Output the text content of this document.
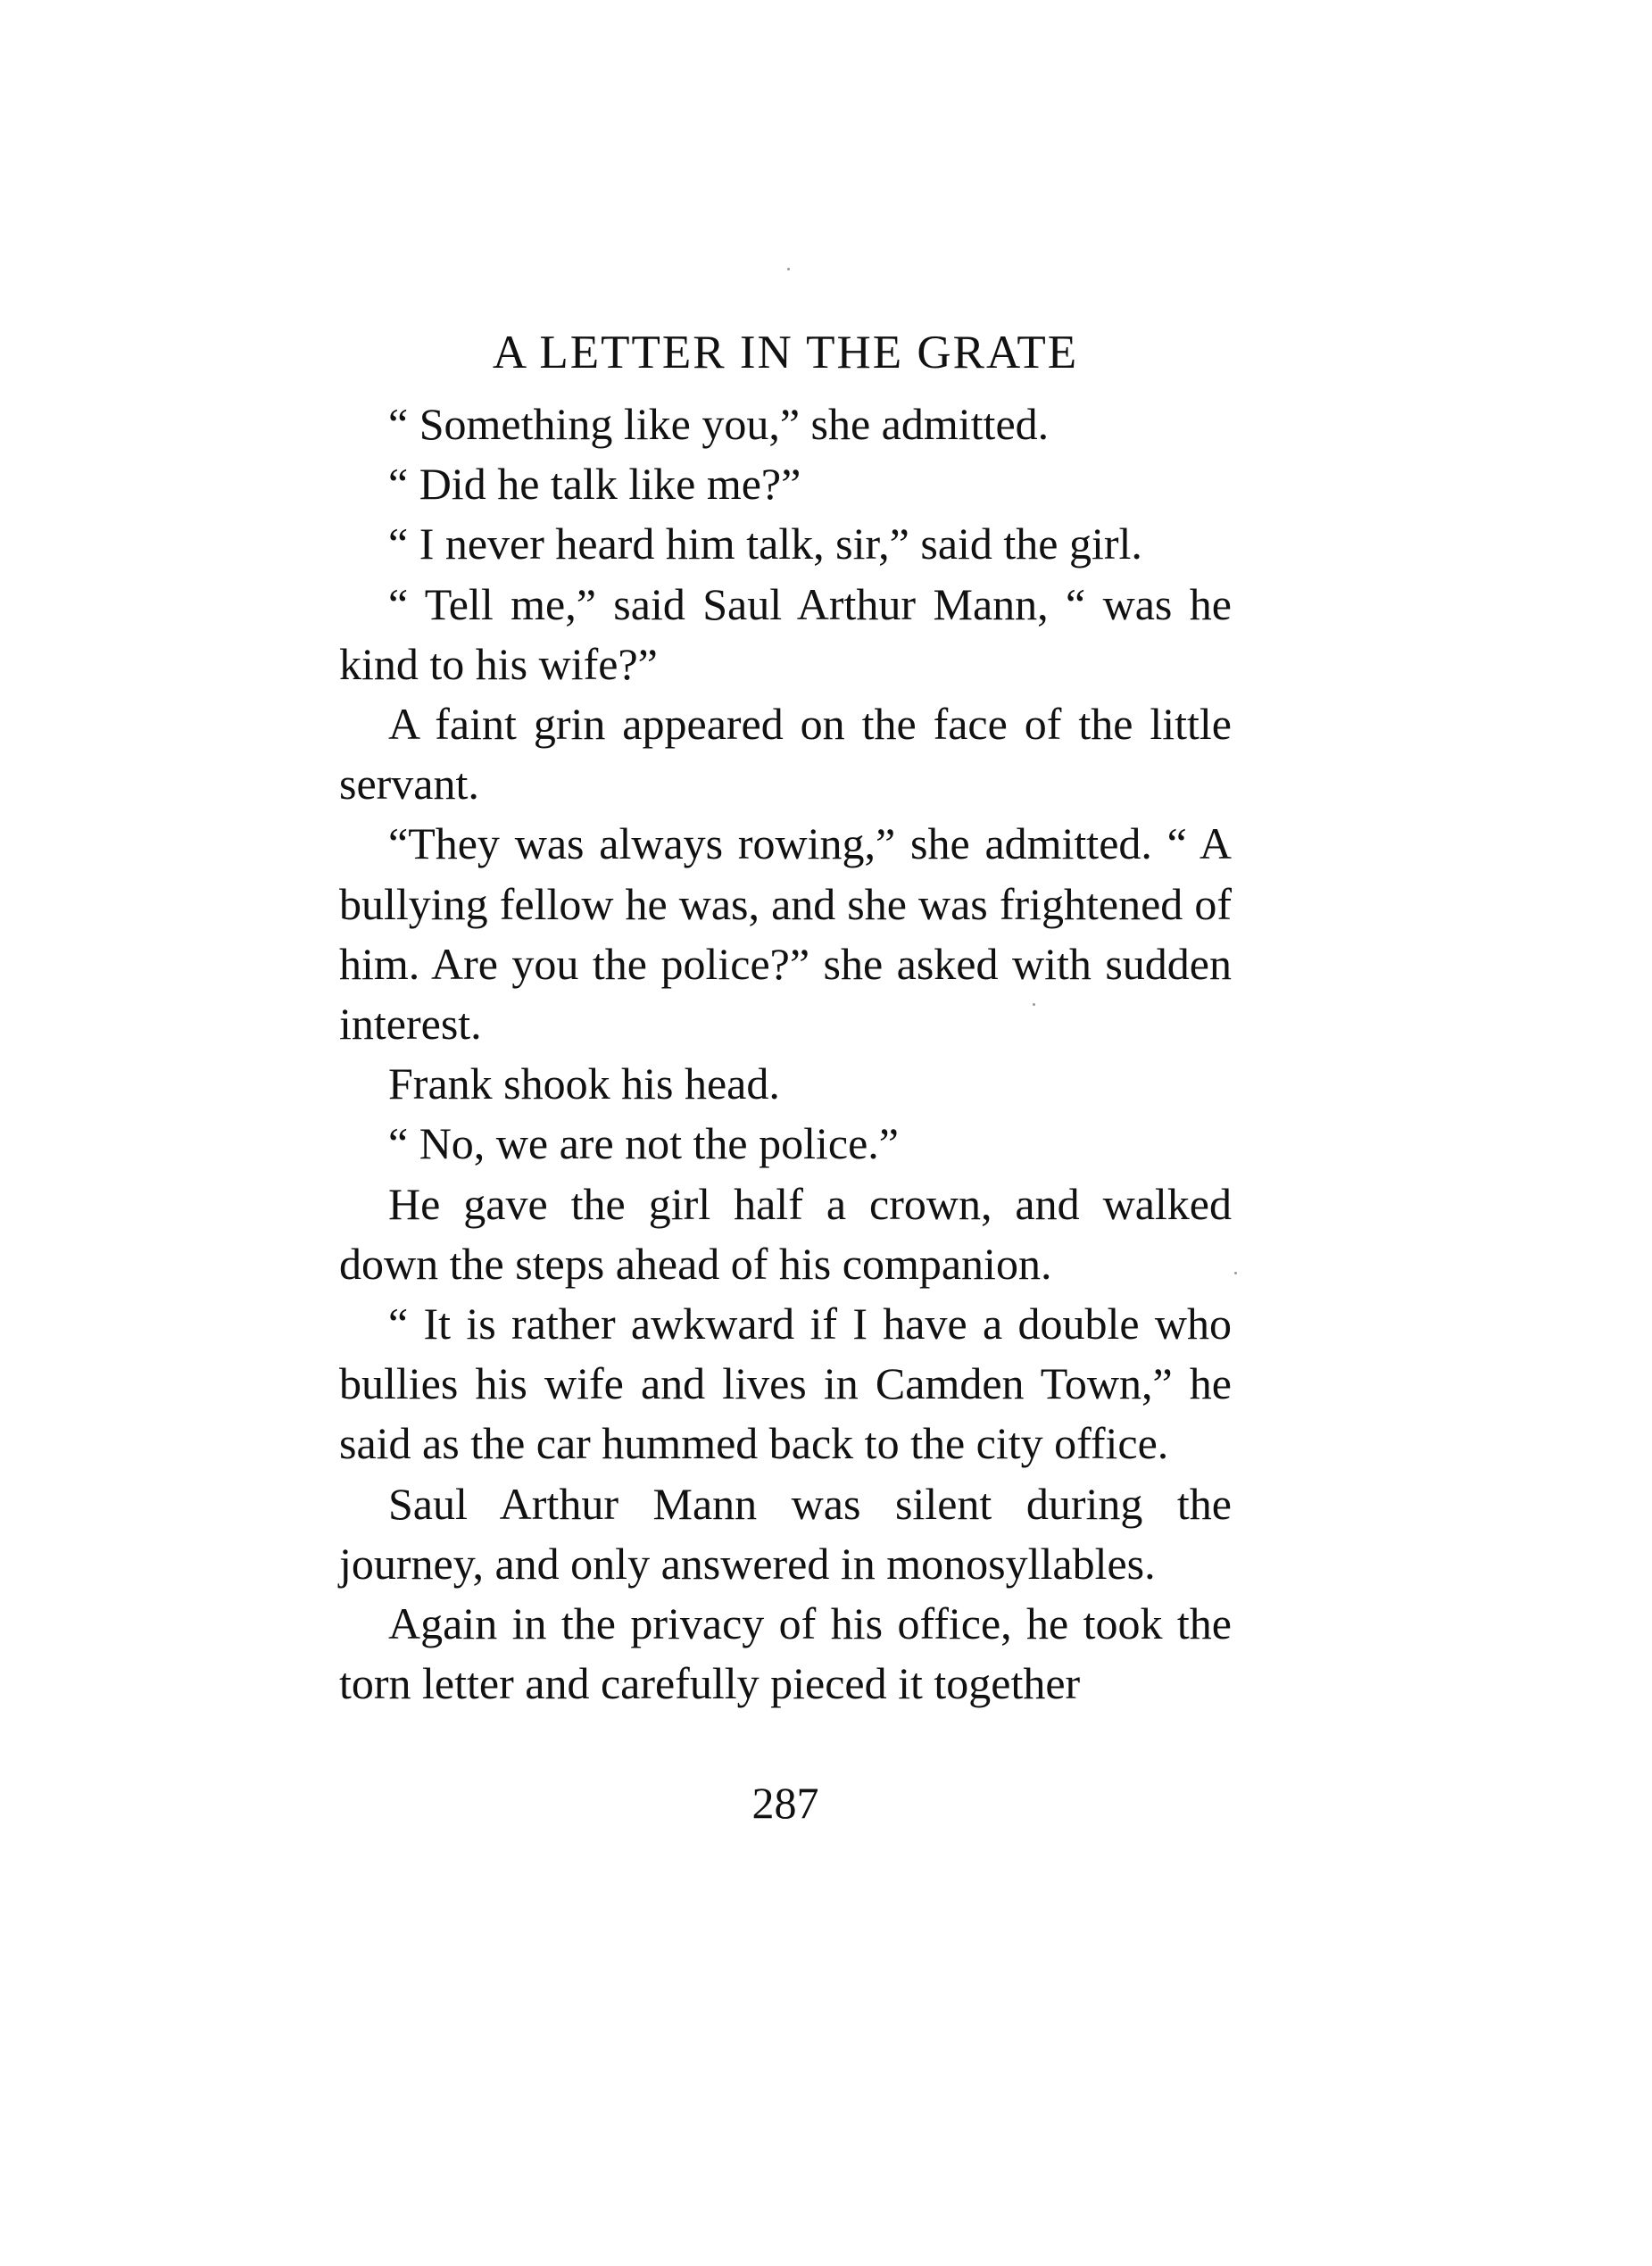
A LETTER IN THE GRATE

“ Something like you,” she admitted.

“ Did he talk like me?”

“ I never heard him talk, sir,” said the girl.

“ Tell me,” said Saul Arthur Mann, “ was he kind to his wife?”

A faint grin appeared on the face of the little servant.

“They was always rowing,” she admitted. “ A bullying fellow he was, and she was frightened of him. Are you the police?” she asked with sudden interest.

Frank shook his head.

“ No, we are not the police.”

He gave the girl half a crown, and walked down the steps ahead of his companion.

“ It is rather awkward if I have a double who bullies his wife and lives in Camden Town,” he said as the car hummed back to the city office.

Saul Arthur Mann was silent during the journey, and only answered in monosyllables.

Again in the privacy of his office, he took the torn letter and carefully pieced it together

287
